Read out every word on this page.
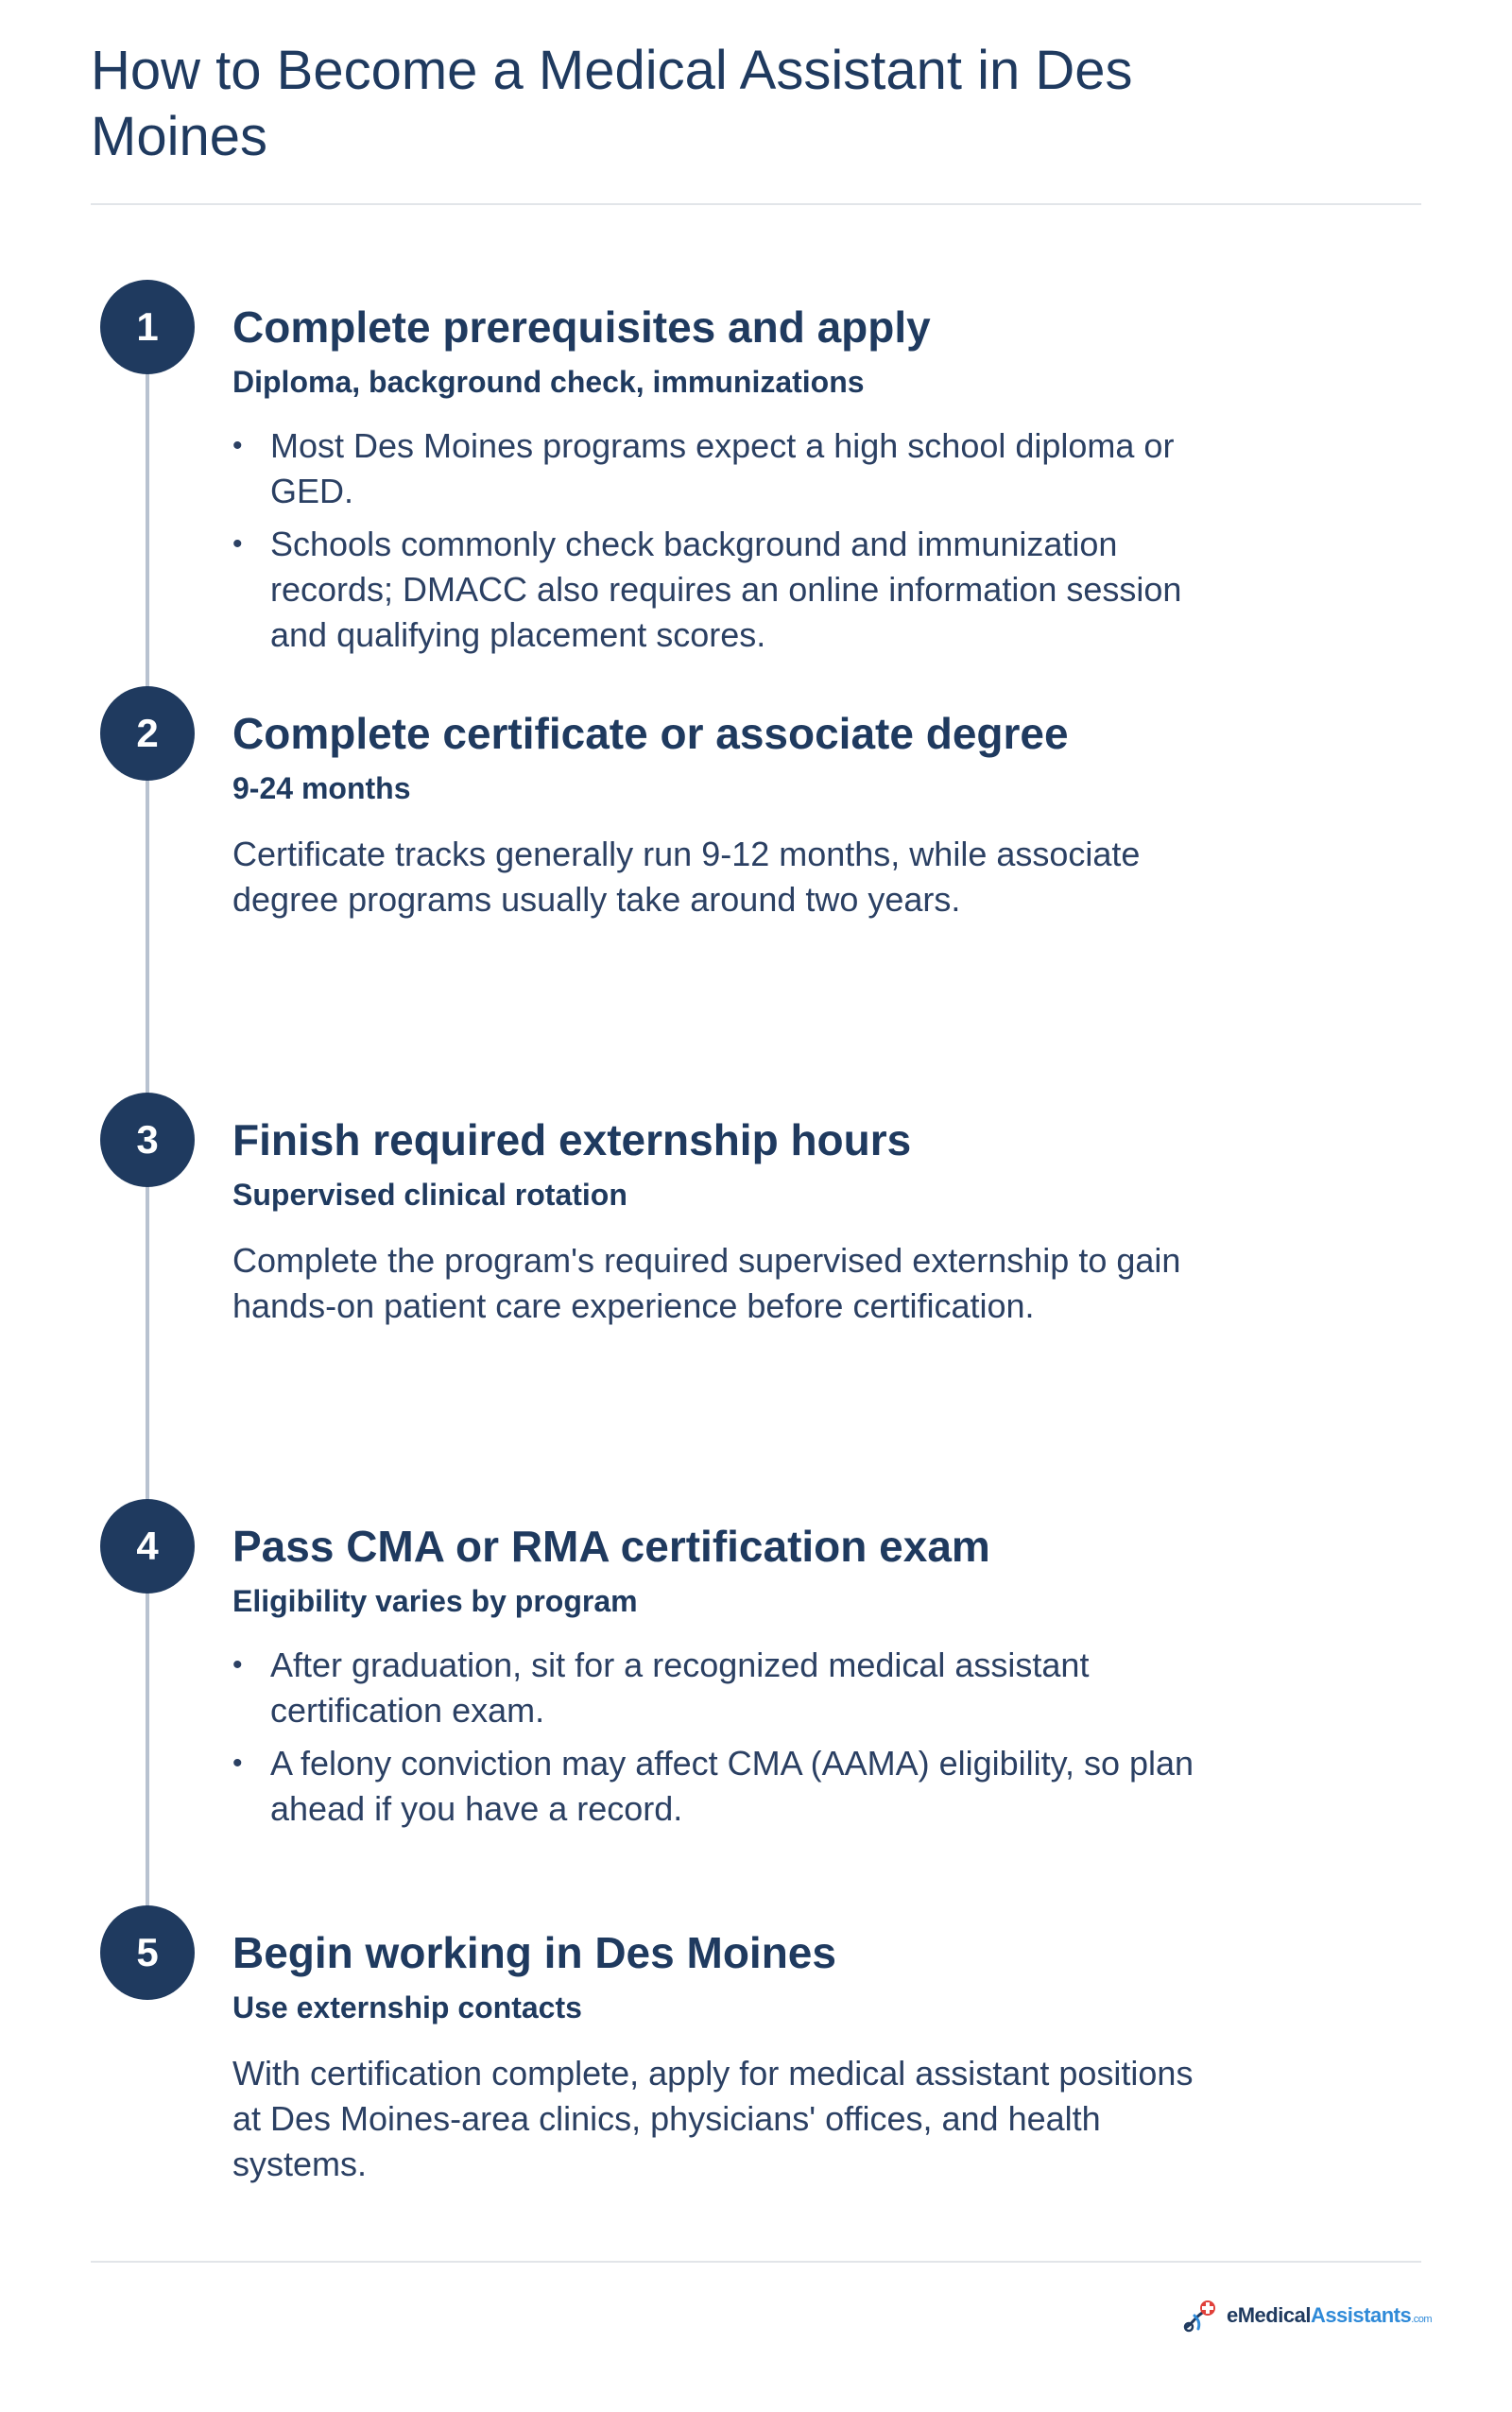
How to Become a Medical Assistant in Des Moines
1	Complete prerequisites and apply
Diploma, background check, immunizations
• Most Des Moines programs expect a high school diploma or GED.
• Schools commonly check background and immunization records; DMACC also requires an online information session and qualifying placement scores.
2	Complete certificate or associate degree
9-24 months

Certificate tracks generally run 9-12 months, while associate degree programs usually take around two years.

3	Finish required externship hours
Supervised clinical rotation

Complete the program's required supervised externship to gain hands-on patient care experience before certification.

4	Pass CMA or RMA certification exam
Eligibility varies by program
• After graduation, sit for a recognized medical assistant certification exam.
• A felony conviction may affect CMA (AAMA) eligibility, so plan ahead if you have a record.
5	Begin working in Des Moines
Use externship contacts

With certification complete, apply for medical assistant positions at Des Moines-area clinics, physicians' offices, and health systems.

eMedicalAssistants.com
